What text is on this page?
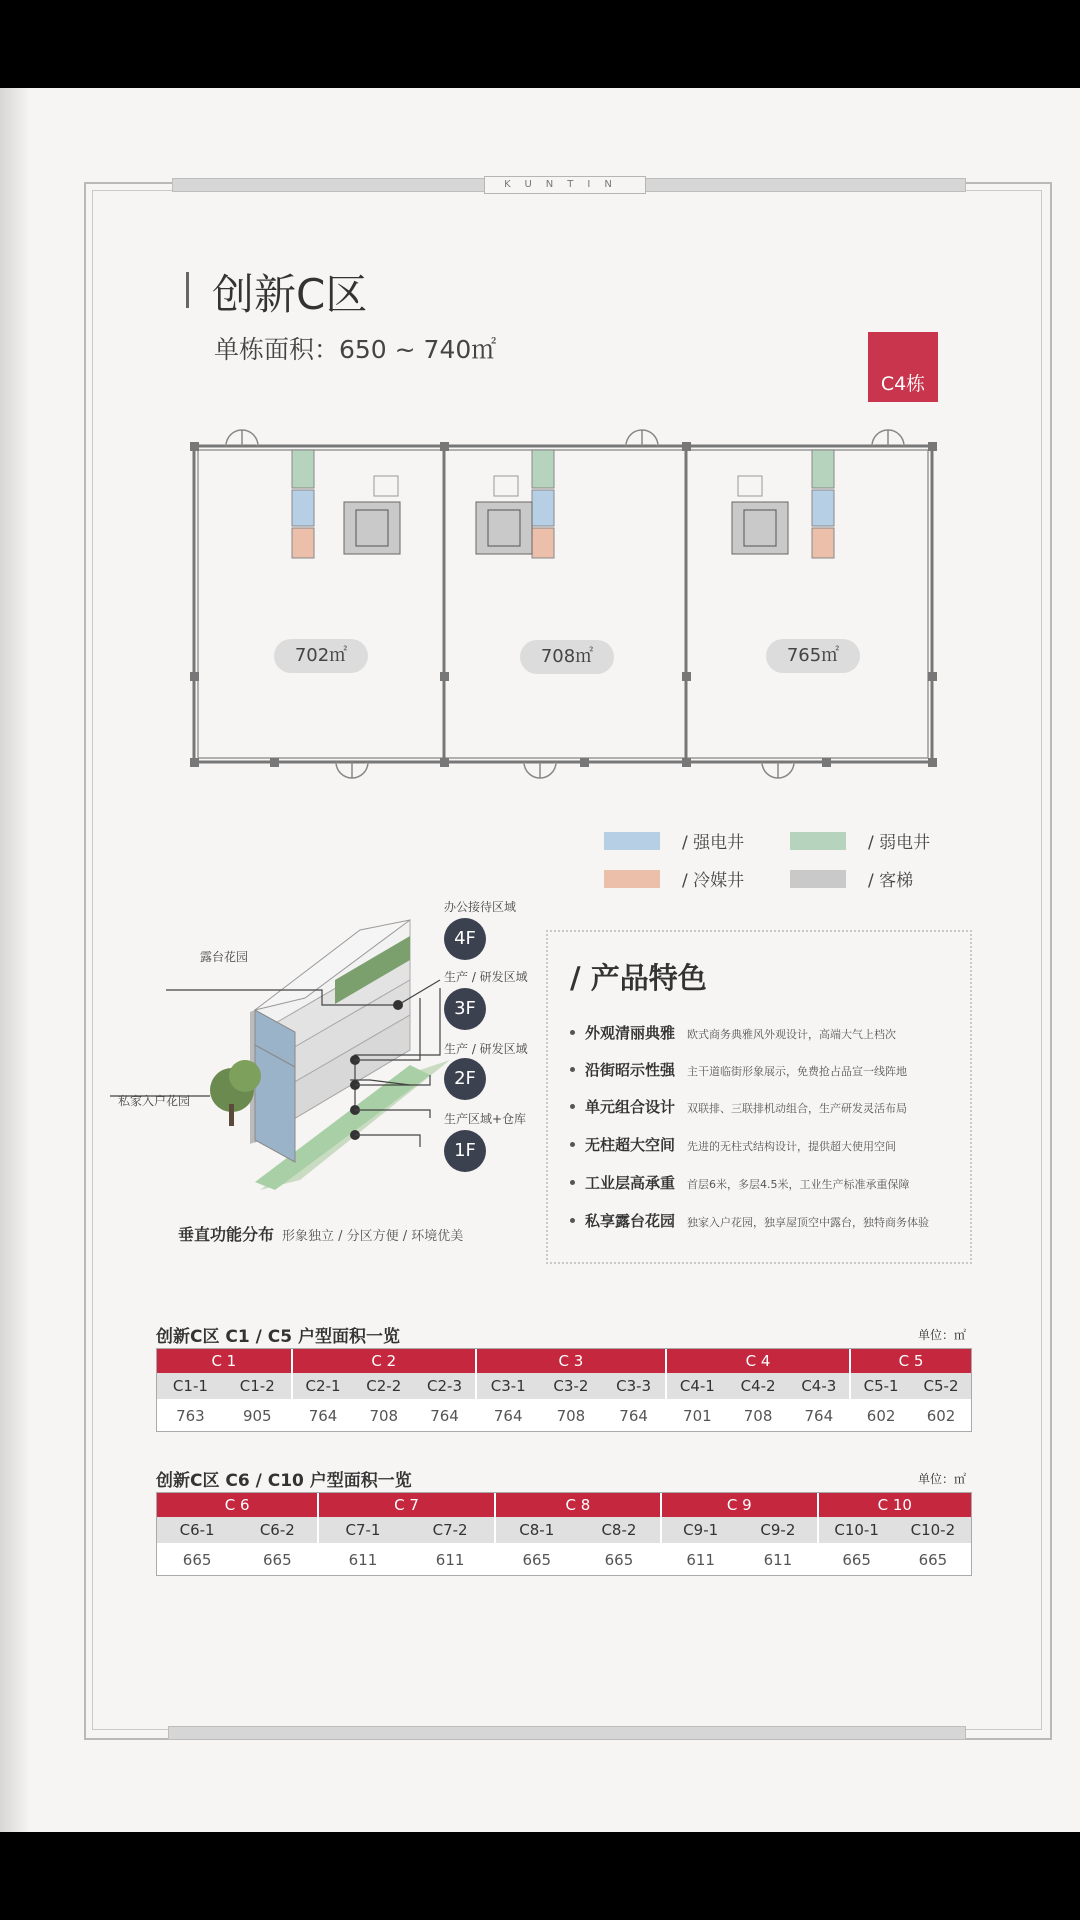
KUNTIN
创新C区
单栋面积：650 ~ 740㎡
C4栋
702㎡	708㎡	765㎡
/ 强电井	/ 弱电井
/ 冷媒井	/ 客梯
露台花园
私家入户花园
办公接待区域
4F
生产 / 研发区域
3F
生产 / 研发区域
2F
生产区域+仓库
1F
垂直功能分布 形象独立 / 分区方便 / 环境优美
/ 产品特色
外观清丽典雅 欧式商务典雅风外观设计，高端大气上档次
沿街昭示性强 主干道临街形象展示，免费抢占品宣一线阵地
单元组合设计 双联排、三联排机动组合，生产研发灵活布局
无柱超大空间 先进的无柱式结构设计，提供超大使用空间
工业层高承重 首层6米，多层4.5米，工业生产标准承重保障
私享露台花园 独家入户花园，独享屋顶空中露台，独特商务体验
创新C区 C1 / C5 户型面积一览	单位：㎡
C 1
C1-1	C1-2
763	905
C 2
C2-1	C2-2	C2-3
764	708	764
C 3
C3-1	C3-2	C3-3
764	708	764
C 4
C4-1	C4-2	C4-3
701	708	764
C 5
C5-1	C5-2
602	602
创新C区 C6 / C10 户型面积一览	单位：㎡
C 6
C6-1	C6-2
665	665
C 7
C7-1	C7-2
611	611
C 8
C8-1	C8-2
665	665
C 9
C9-1	C9-2
611	611
C 10
C10-1	C10-2
665	665
